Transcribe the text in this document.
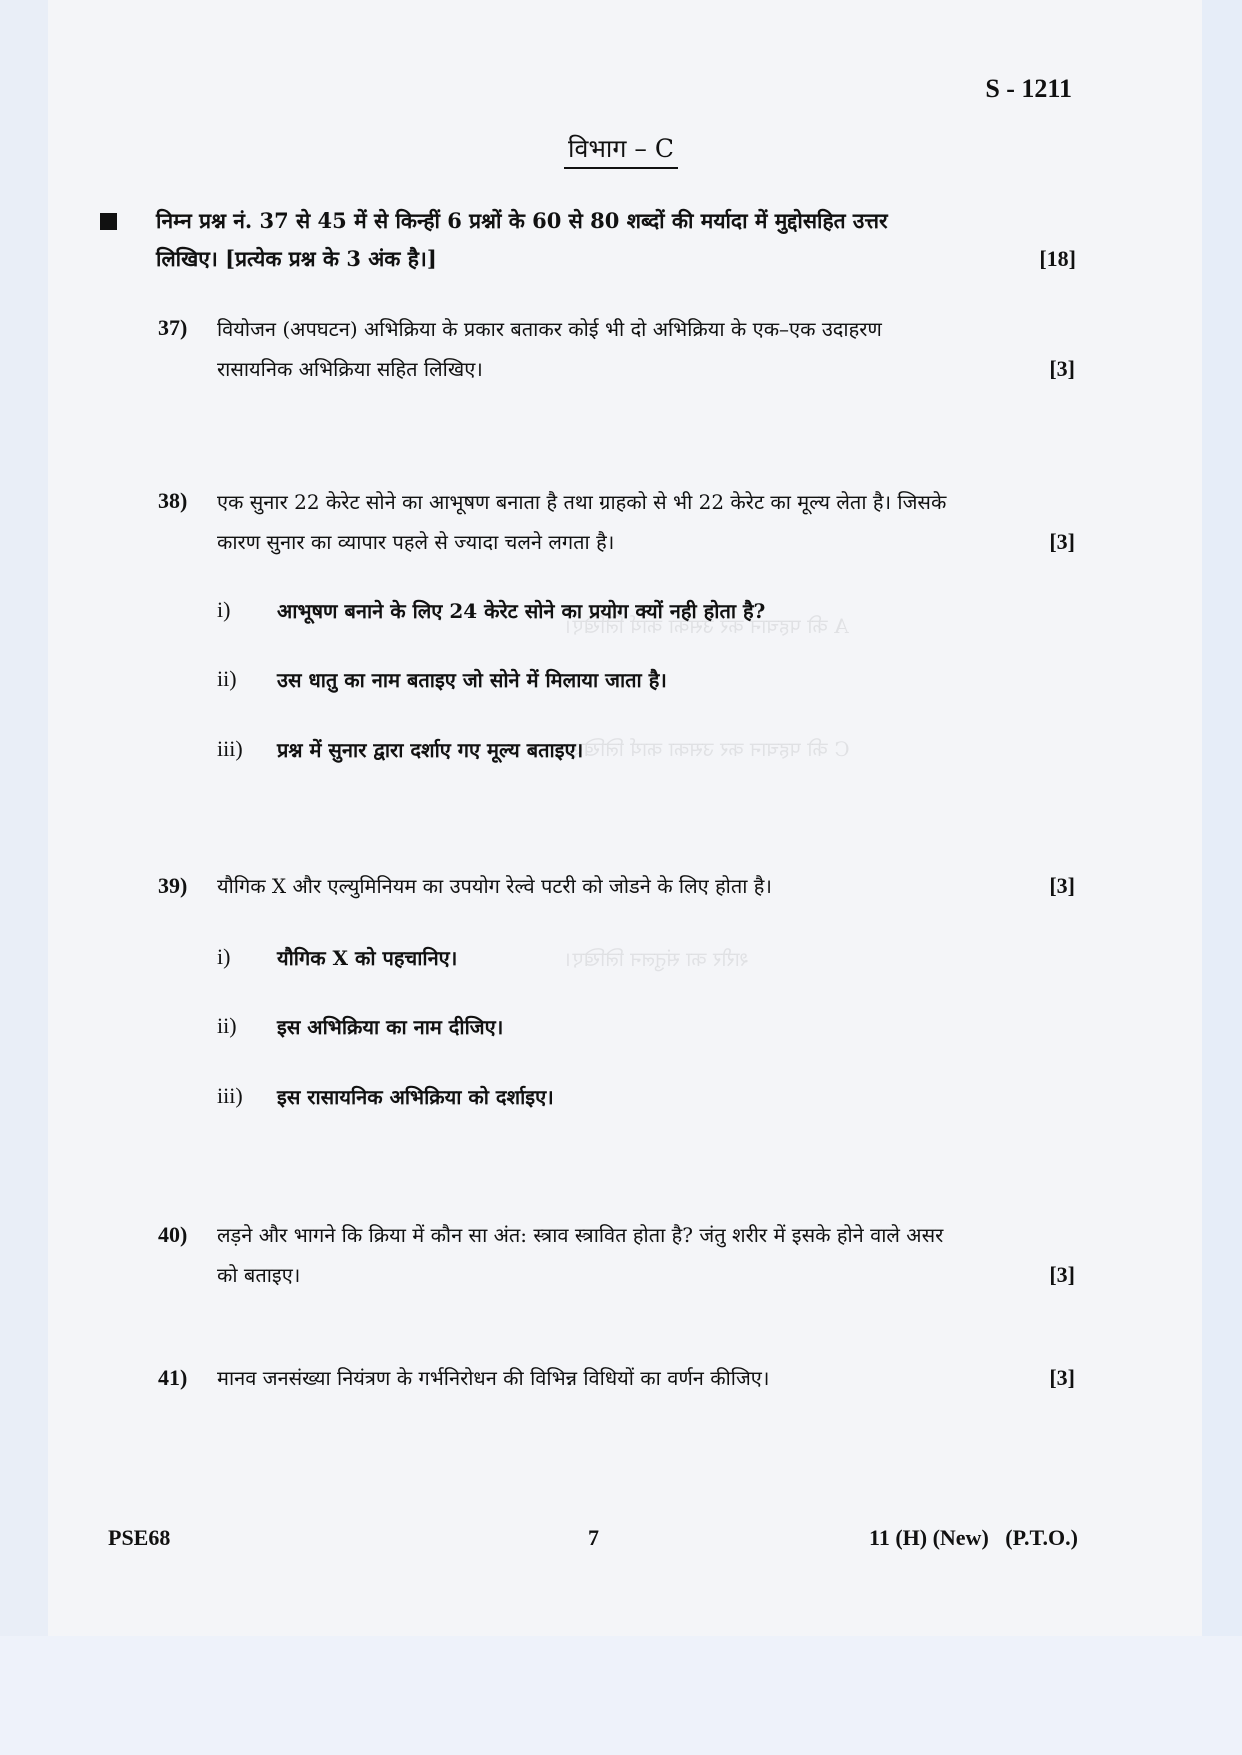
A की पहचान कर उसका कार्य लिखिए।
C की पहचान कर उसका कार्य लिखिए।
शरीर का संतुलन लिखिए।
S - 1211
विभाग – C
निम्न प्रश्न नं. 37 से 45 में से किन्हीं 6 प्रश्नों के 60 से 80 शब्दों की मर्यादा में मुद्दोसहित उत्तर
लिखिए। [प्रत्येक प्रश्न के 3 अंक है।]	[18]
37) वियोजन (अपघटन) अभिक्रिया के प्रकार बताकर कोई भी दो अभिक्रिया के एक–एक उदाहरण
रासायनिक अभिक्रिया सहित लिखिए।	[3]
38) एक सुनार 22 केरेट सोने का आभूषण बनाता है तथा ग्राहको से भी 22 केरेट का मूल्य लेता है। जिसके
कारण सुनार का व्यापार पहले से ज्यादा चलने लगता है।	[3]
i)	आभूषण बनाने के लिए 24 केरेट सोने का प्रयोग क्यों नही होता है?
ii)	उस धातु का नाम बताइए जो सोने में मिलाया जाता है।
iii)	प्रश्न में सुनार द्वारा दर्शाए गए मूल्य बताइए।
39) यौगिक X और एल्युमिनियम का उपयोग रेल्वे पटरी को जोडने के लिए होता है।	[3]
i)	यौगिक X को पहचानिए।
ii)	इस अभिक्रिया का नाम दीजिए।
iii)	इस रासायनिक अभिक्रिया को दर्शाइए।
40) लड़ने और भागने कि क्रिया में कौन सा अंत: स्त्राव स्त्रावित होता है? जंतु शरीर में इसके होने वाले असर
को बताइए।	[3]
41) मानव जनसंख्या नियंत्रण के गर्भनिरोधन की विभिन्न विधियों का वर्णन कीजिए।	[3]
PSE68	7	11 (H) (New)   (P.T.O.)
